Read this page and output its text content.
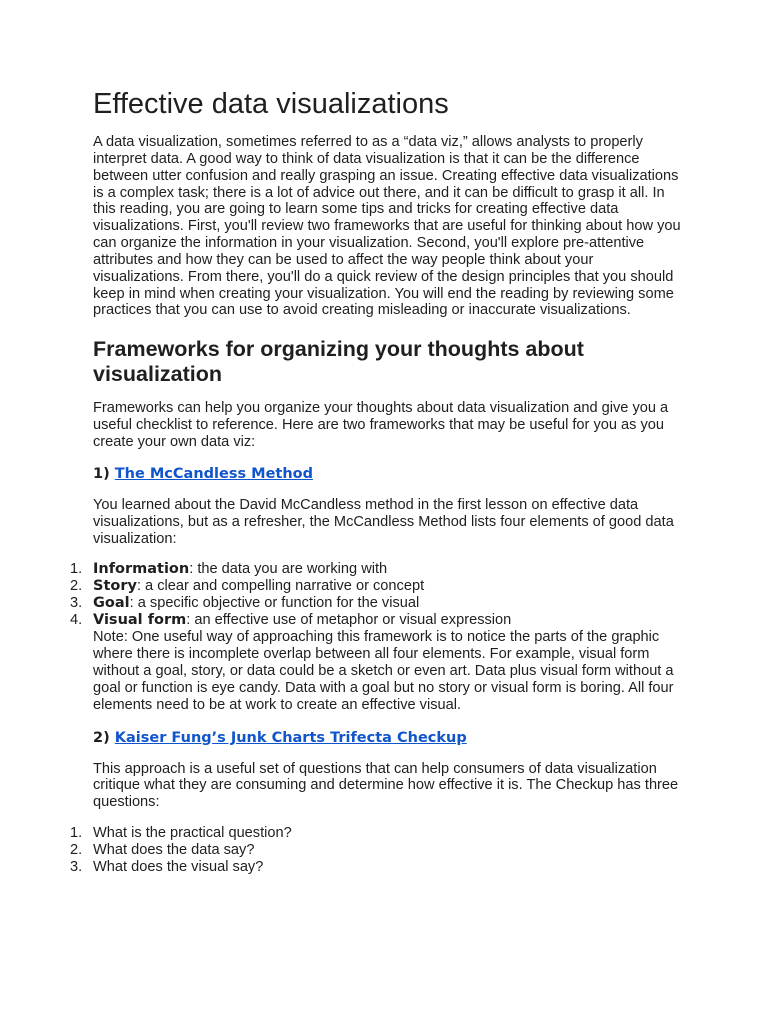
Effective data visualizations

A data visualization, sometimes referred to as a “data viz,” allows analysts to properly interpret data. A good way to think of data visualization is that it can be the difference between utter confusion and really grasping an issue. Creating effective data visualizations is a complex task; there is a lot of advice out there, and it can be difficult to grasp it all. In this reading, you are going to learn some tips and tricks for creating effective data visualizations. First, you'll review two frameworks that are useful for thinking about how you can organize the information in your visualization. Second, you'll explore pre-attentive attributes and how they can be used to affect the way people think about your visualizations. From there, you'll do a quick review of the design principles that you should keep in mind when creating your visualization. You will end the reading by reviewing some practices that you can use to avoid creating misleading or inaccurate visualizations.

Frameworks for organizing your thoughts about visualization

Frameworks can help you organize your thoughts about data visualization and give you a useful checklist to reference. Here are two frameworks that may be useful for you as you create your own data viz:

1) The McCandless Method

You learned about the David McCandless method in the first lesson on effective data visualizations, but as a refresher, the McCandless Method lists four elements of good data visualization:

1. Information: the data you are working with
2. Story: a clear and compelling narrative or concept
3. Goal: a specific objective or function for the visual
4. Visual form: an effective use of metaphor or visual expression

Note: One useful way of approaching this framework is to notice the parts of the graphic where there is incomplete overlap between all four elements. For example, visual form without a goal, story, or data could be a sketch or even art. Data plus visual form without a goal or function is eye candy. Data with a goal but no story or visual form is boring. All four elements need to be at work to create an effective visual.

2) Kaiser Fung’s Junk Charts Trifecta Checkup

This approach is a useful set of questions that can help consumers of data visualization critique what they are consuming and determine how effective it is. The Checkup has three questions:

1. What is the practical question?
2. What does the data say?
3. What does the visual say?
